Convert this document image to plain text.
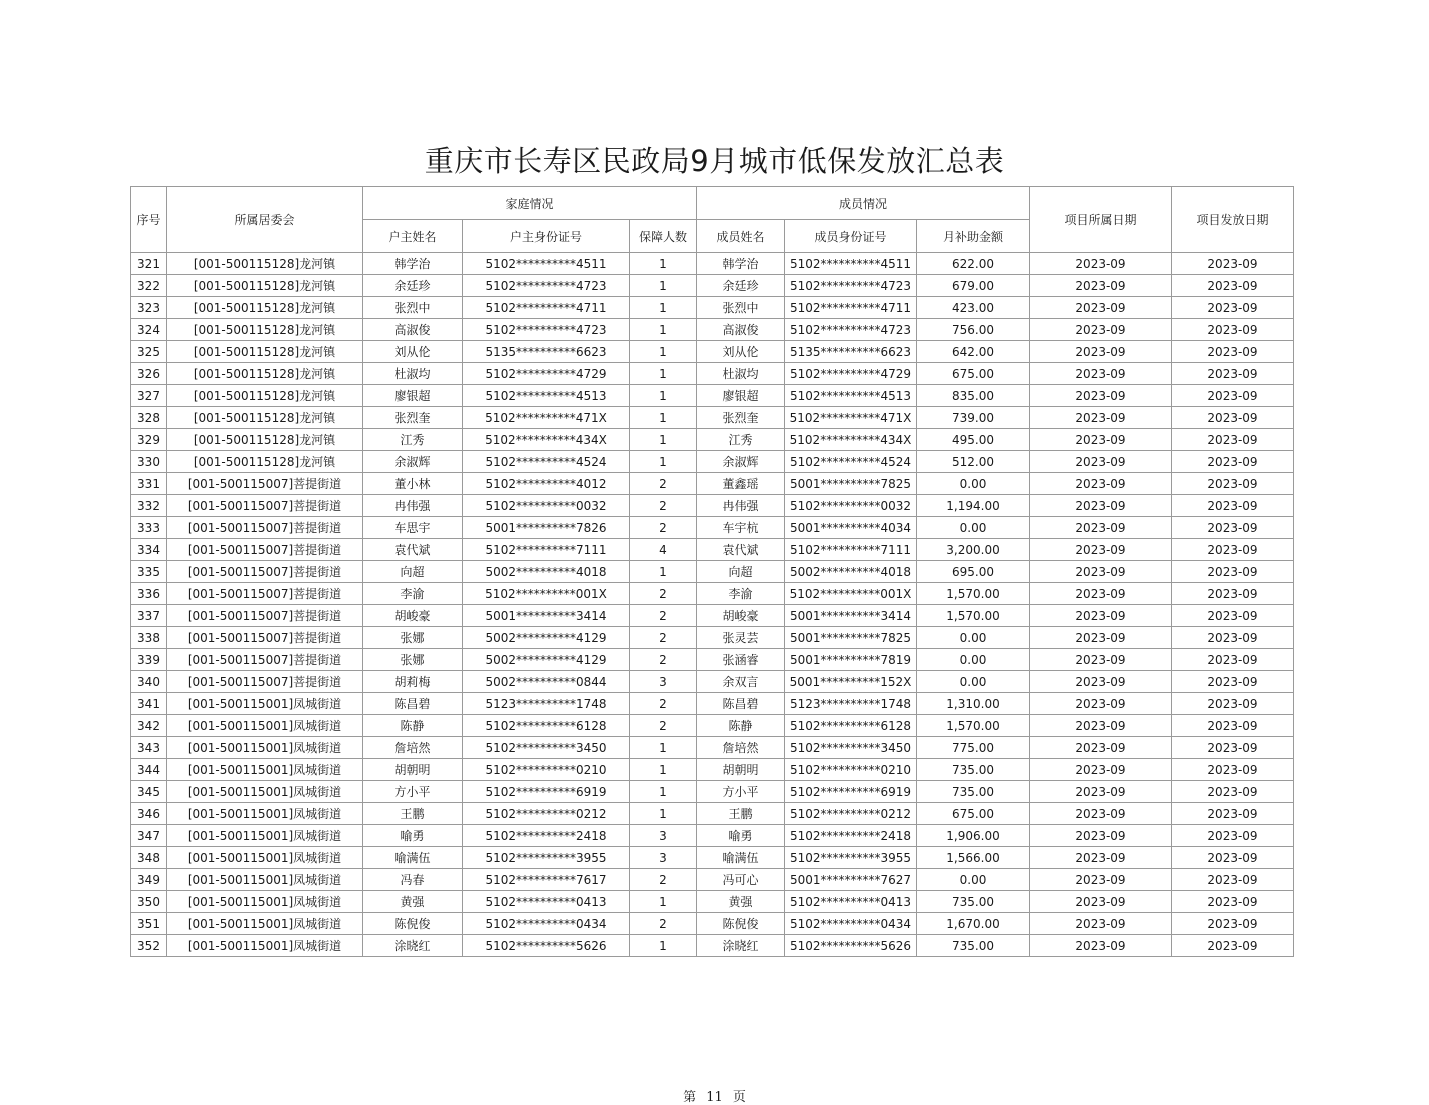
重庆市长寿区民政局9月城市低保发放汇总表
序号	所属居委会	家庭情况			成员情况			项目所属日期	项目发放日期
		户主姓名	户主身份证号	保障人数	成员姓名	成员身份证号	月补助金额		
321	[001-500115128]龙河镇	韩学治	5102**********4511	1	韩学治	5102**********4511	622.00	2023-09	2023-09
322	[001-500115128]龙河镇	余廷珍	5102**********4723	1	余廷珍	5102**********4723	679.00	2023-09	2023-09
323	[001-500115128]龙河镇	张烈中	5102**********4711	1	张烈中	5102**********4711	423.00	2023-09	2023-09
324	[001-500115128]龙河镇	高淑俊	5102**********4723	1	高淑俊	5102**********4723	756.00	2023-09	2023-09
325	[001-500115128]龙河镇	刘从伦	5135**********6623	1	刘从伦	5135**********6623	642.00	2023-09	2023-09
326	[001-500115128]龙河镇	杜淑均	5102**********4729	1	杜淑均	5102**********4729	675.00	2023-09	2023-09
327	[001-500115128]龙河镇	廖银超	5102**********4513	1	廖银超	5102**********4513	835.00	2023-09	2023-09
328	[001-500115128]龙河镇	张烈奎	5102**********471X	1	张烈奎	5102**********471X	739.00	2023-09	2023-09
329	[001-500115128]龙河镇	江秀	5102**********434X	1	江秀	5102**********434X	495.00	2023-09	2023-09
330	[001-500115128]龙河镇	余淑辉	5102**********4524	1	余淑辉	5102**********4524	512.00	2023-09	2023-09
331	[001-500115007]菩提街道	董小林	5102**********4012	2	董鑫瑶	5001**********7825	0.00	2023-09	2023-09
332	[001-500115007]菩提街道	冉伟强	5102**********0032	2	冉伟强	5102**********0032	1,194.00	2023-09	2023-09
333	[001-500115007]菩提街道	车思宇	5001**********7826	2	车宇杭	5001**********4034	0.00	2023-09	2023-09
334	[001-500115007]菩提街道	袁代斌	5102**********7111	4	袁代斌	5102**********7111	3,200.00	2023-09	2023-09
335	[001-500115007]菩提街道	向超	5002**********4018	1	向超	5002**********4018	695.00	2023-09	2023-09
336	[001-500115007]菩提街道	李渝	5102**********001X	2	李渝	5102**********001X	1,570.00	2023-09	2023-09
337	[001-500115007]菩提街道	胡峻豪	5001**********3414	2	胡峻豪	5001**********3414	1,570.00	2023-09	2023-09
338	[001-500115007]菩提街道	张娜	5002**********4129	2	张灵芸	5001**********7825	0.00	2023-09	2023-09
339	[001-500115007]菩提街道	张娜	5002**********4129	2	张涵睿	5001**********7819	0.00	2023-09	2023-09
340	[001-500115007]菩提街道	胡莉梅	5002**********0844	3	余双言	5001**********152X	0.00	2023-09	2023-09
341	[001-500115001]凤城街道	陈昌碧	5123**********1748	2	陈昌碧	5123**********1748	1,310.00	2023-09	2023-09
342	[001-500115001]凤城街道	陈静	5102**********6128	2	陈静	5102**********6128	1,570.00	2023-09	2023-09
343	[001-500115001]凤城街道	詹培然	5102**********3450	1	詹培然	5102**********3450	775.00	2023-09	2023-09
344	[001-500115001]凤城街道	胡朝明	5102**********0210	1	胡朝明	5102**********0210	735.00	2023-09	2023-09
345	[001-500115001]凤城街道	方小平	5102**********6919	1	方小平	5102**********6919	735.00	2023-09	2023-09
346	[001-500115001]凤城街道	王鹏	5102**********0212	1	王鹏	5102**********0212	675.00	2023-09	2023-09
347	[001-500115001]凤城街道	喻勇	5102**********2418	3	喻勇	5102**********2418	1,906.00	2023-09	2023-09
348	[001-500115001]凤城街道	喻满伍	5102**********3955	3	喻满伍	5102**********3955	1,566.00	2023-09	2023-09
349	[001-500115001]凤城街道	冯春	5102**********7617	2	冯可心	5001**********7627	0.00	2023-09	2023-09
350	[001-500115001]凤城街道	黄强	5102**********0413	1	黄强	5102**********0413	735.00	2023-09	2023-09
351	[001-500115001]凤城街道	陈倪俊	5102**********0434	2	陈倪俊	5102**********0434	1,670.00	2023-09	2023-09
352	[001-500115001]凤城街道	涂晓红	5102**********5626	1	涂晓红	5102**********5626	735.00	2023-09	2023-09
第 11 页
